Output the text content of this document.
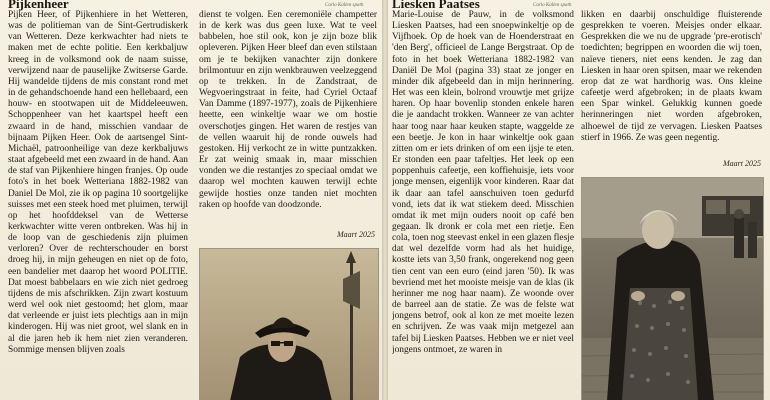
Pijkenheer	Carlo Kallen spath

Pijken Heer, of Pijkenhiere in het Wetteren, was de politieman van de Sint-Gertrudiskerk van Wetteren. Deze kerkwachter had niets te maken met de echte politie. Een kerkbaljuw kreeg in de volksmond ook de naam suisse, verwijzend naar de pauselijke Zwitserse Garde. Hij wandelde tijdens de mis constant rond met in de gehandschoende hand een hellebaard, een houw- en stootwapen uit de Middeleeuwen. Schoppenheer van het kaartspel heeft een zwaard in de hand, misschien vandaar de bijnaam Pijken Heer. Ook de aartsengel Sint-Michaël, patroonheilige van deze kerkbaljuws staat afgebeeld met een zwaard in de hand. Aan de staf van Pijkenhiere hingen franjes. Op oude foto's in het boek Wetteriana 1882-1982 van Daniel De Mol, zie ik op pagina 10 soortgelijke suisses met een steek hoed met pluimen, terwijl op het hoofddeksel van de Wetterse kerkwachter witte veren ontbreken. Was hij in de loop van de geschiedenis zijn pluimen verloren? Over de rechterschouder en borst droeg hij, in mijn geheugen en niet op de foto, een bandelier met daarop het woord POLITIE. Dat moest babbelaars en wie zich niet gedroeg tijdens de mis afschrikken. Zijn zwart kostuum werd wel ook niet gestoomd; het glom, maar dat verleende er juist iets plechtigs aan in mijn kinderogen. Hij was niet groot, wel slank en in al die jaren heb ik hem niet zien veranderen. Sommige mensen blijven zoals

dienst te volgen. Een ceremoniële champetter in de kerk was dus geen luxe. Wat te veel babbelen, hoe stil ook, kon je zijn boze blik opleveren. Pijken Heer bleef dan even stilstaan om je te bekijken vanachter zijn donkere brilmontuur en zijn wenkbrauwen veelzeggend op te trekken. In de Zandstraat, de Wegvoeringstraat in feite, had Cyriel Octaaf Van Damme (1897-1977), zoals de Pijkenhiere heette, een winkeltje waar we om hostie overschotjes gingen. Het waren de restjes van de vellen waaruit hij de ronde ouwels had gestoken. Hij verkocht ze in witte puntzakken. Er zat weinig smaak in, maar misschien vonden we die restantjes zo speciaal omdat we daarop wel mochten kauwen terwijl echte gewijde hosties onze tanden niet mochten raken op hoofde van doodzonde.

Maart 2025
Liesken Paatses	Carlo Kallen spath

Marie-Louise de Pauw, in de volksmond Liesken Paatses, had een snoepwinkeltje op de Vijfhoek. Op de hoek van de Hoenderstraat en 'den Berg', officieel de Lange Bergstraat. Op de foto in het boek Wetteriana 1882-1982 van Daniël De Mol (pagina 33) staat ze jonger en minder dik afgebeeld dan in mijn herinnering. Het was een klein, bolrond vrouwtje met grijze haren. Op haar bovenlip stonden enkele haren die je aandacht trokken. Wanneer ze van achter haar toog naar haar keuken stapte, waggelde ze een beetje. Je kon in haar winkeltje ook gaan zitten om er iets drinken of om een ijsje te eten. Er stonden een paar tafeltjes. Het leek op een poppenhuis cafeetje, een koffiehuisje, iets voor jonge mensen, eigenlijk voor kinderen. Raar dat ik daar aan tafel aanschuiven toen gedurfd vond, iets dat ik wat stiekem deed. Misschien omdat ik met mijn ouders nooit op café ben gegaan. Ik dronk er cola met een rietje. Een cola, toen nog steevast enkel in een glazen flesje dat wel dezelfde vorm had als het huidige, kostte iets van 3,50 frank, ongerekend nog geen tien cent van een euro (eind jaren '50). Ik was bevriend met het mooiste meisje van de klas (ik herinner me nog haar naam). Ze woonde over de barreel aan de statie. Ze was de felste wat jongens betrof, ook al kon ze met moeite lezen en schrijven. Ze was vaak mijn metgezel aan tafel bij Liesken Paatses. Hebben we er niet veel jongens ontmoet, ze waren in

likken en daarbij onschuldige fluisterende gesprekken te voeren. Meisjes onder elkaar. Gesprekken die we nu de upgrade 'pre-erotisch' toedichten; begrippen en woorden die wij toen, naïeve tieners, niet eens kenden. Je zag dan Liesken in haar oren spitsen, maar we rekenden erop dat ze wat hardhorig was. Ons kleine cafeetje werd afgebroken; in de plaats kwam een Spar winkel. Gelukkig kunnen goede herinneringen niet worden afgebroken, alhoewel de tijd ze vervagen. Liesken Paatses stierf in 1966. Ze was geen negentig.

Maart 2025
